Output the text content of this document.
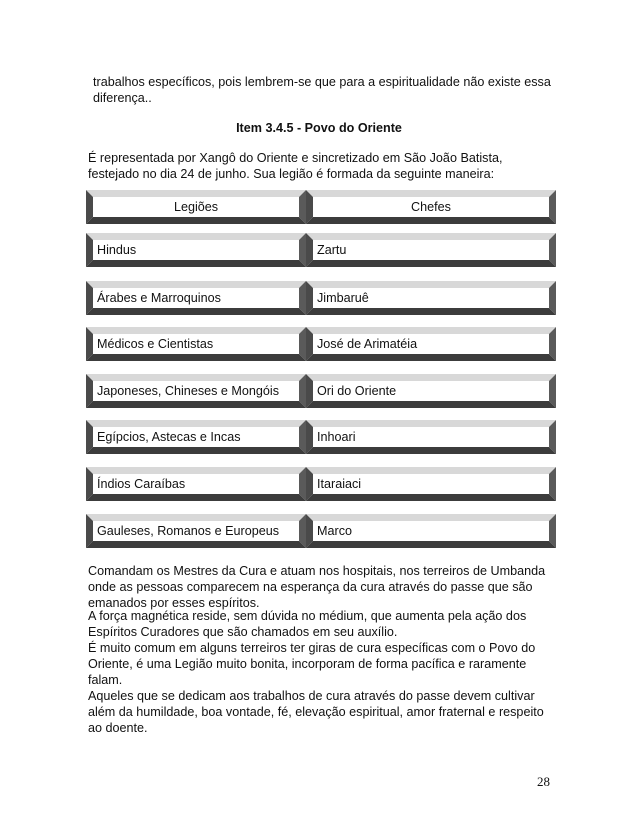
trabalhos específicos, pois lembrem-se que para a espiritualidade não existe essa
diferença..
Item 3.4.5 - Povo do Oriente
É representada por Xangô do Oriente e sincretizado em São João Batista,
festejado no dia 24 de junho. Sua legião é formada da seguinte maneira:
Legiões	Chefes
Hindus	Zartu
Árabes e Marroquinos	Jimbaruê
Médicos e Cientistas	José de Arimatéia
Japoneses, Chineses e Mongóis	Ori do Oriente
Egípcios, Astecas e Incas	Inhoari
Índios Caraíbas	Itaraiaci
Gauleses, Romanos e Europeus	Marco
Comandam os Mestres da Cura e atuam nos hospitais, nos terreiros de Umbanda
onde as pessoas comparecem na esperança da cura através do passe que são
emanados por esses espíritos.
A força magnética reside, sem dúvida no médium, que aumenta pela ação dos
Espíritos Curadores que são chamados em seu auxílio.
É muito comum em alguns terreiros ter giras de cura específicas com o Povo do
Oriente, é uma Legião muito bonita, incorporam de forma pacífica e raramente
falam.
Aqueles que se dedicam aos trabalhos de cura através do passe devem cultivar
além da humildade, boa vontade, fé, elevação espiritual, amor fraternal e respeito
ao doente.
28
